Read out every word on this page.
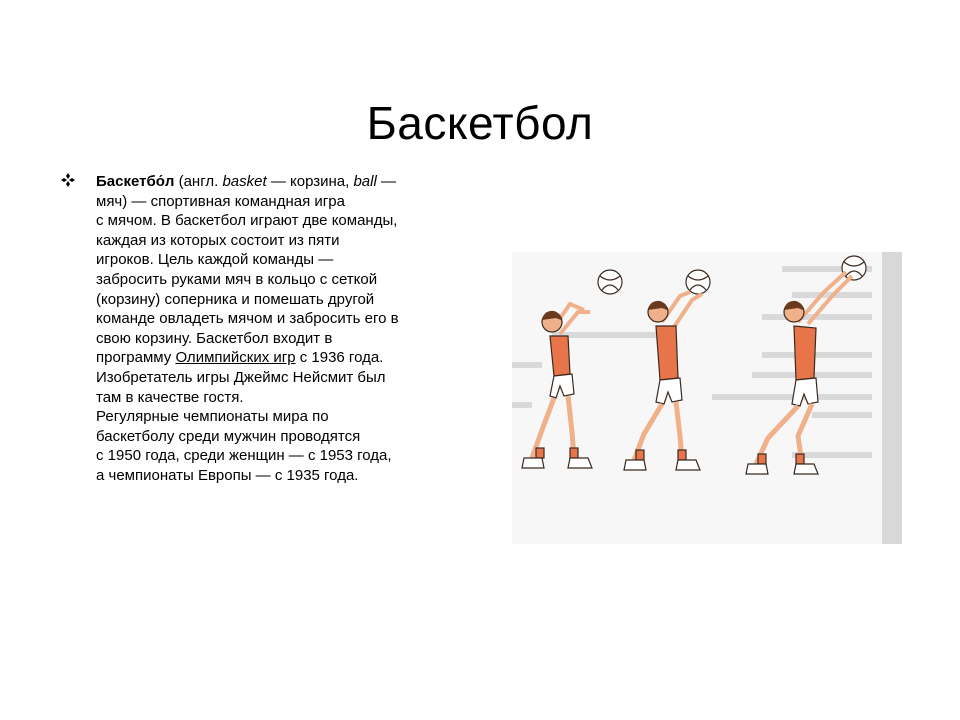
Баскетбол
Баскетбо́л (англ. basket — корзина, ball —
мяч) — спортивная командная игра
с мячом. В баскетбол играют две команды,
каждая из которых состоит из пяти
игроков. Цель каждой команды —
забросить руками мяч в кольцо с сеткой
(корзину) соперника и помешать другой
команде овладеть мячом и забросить его в
свою корзину. Баскетбол входит в
программу Олимпийских игр с 1936 года.
Изобретатель игры Джеймс Нейсмит был
там в качестве гостя.
Регулярные чемпионаты мира по
баскетболу среди мужчин проводятся
с 1950 года, среди женщин — с 1953 года,
а чемпионаты Европы — с 1935 года.
